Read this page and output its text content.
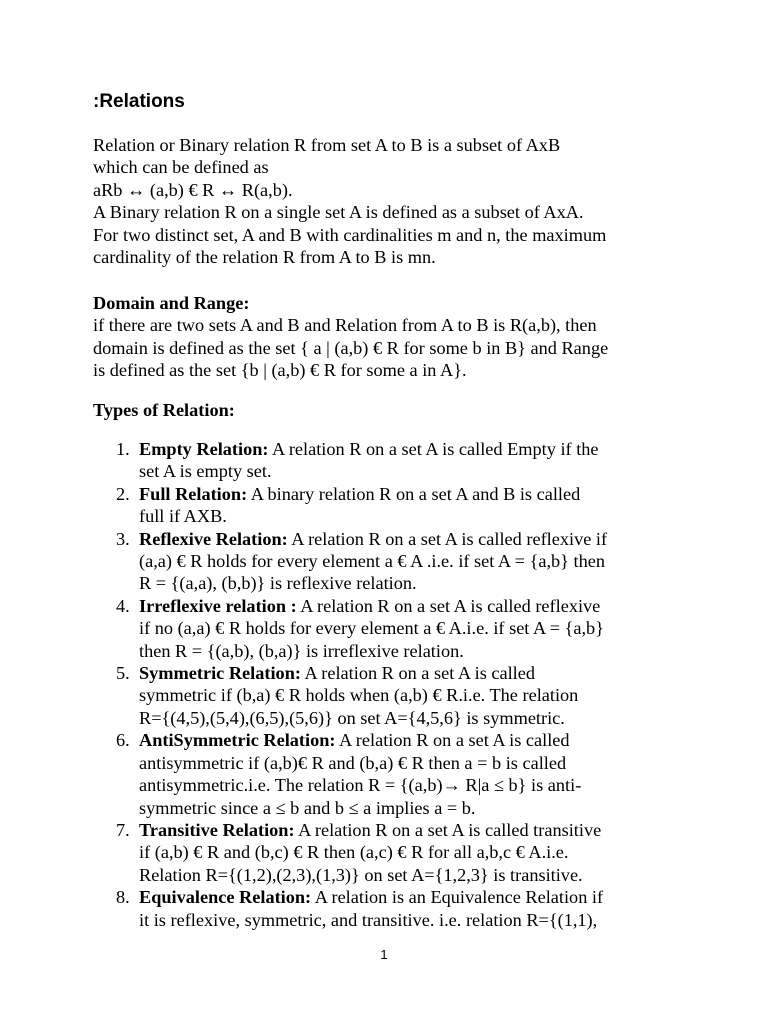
:Relations

Relation or Binary relation R from set A to B is a subset of AxB
which can be defined as
aRb ↔ (a,b) € R ↔ R(a,b).
A Binary relation R on a single set A is defined as a subset of AxA.
For two distinct set, A and B with cardinalities m and n, the maximum
cardinality of the relation R from A to B is mn.

Domain and Range:
if there are two sets A and B and Relation from A to B is R(a,b), then
domain is defined as the set { a | (a,b) € R for some b in B} and Range
is defined as the set {b | (a,b) € R for some a in A}.

Types of Relation:

1. Empty Relation: A relation R on a set A is called Empty if the
set A is empty set.
2. Full Relation: A binary relation R on a set A and B is called
full if AXB.
3. Reflexive Relation: A relation R on a set A is called reflexive if
(a,a) € R holds for every element a € A .i.e. if set A = {a,b} then
R = {(a,a), (b,b)} is reflexive relation.
4. Irreflexive relation : A relation R on a set A is called reflexive
if no (a,a) € R holds for every element a € A.i.e. if set A = {a,b}
then R = {(a,b), (b,a)} is irreflexive relation.
5. Symmetric Relation: A relation R on a set A is called
symmetric if (b,a) € R holds when (a,b) € R.i.e. The relation
R={(4,5),(5,4),(6,5),(5,6)} on set A={4,5,6} is symmetric.
6. AntiSymmetric Relation: A relation R on a set A is called
antisymmetric if (a,b)€ R and (b,a) € R then a = b is called
antisymmetric.i.e. The relation R = {(a,b)→ R|a ≤ b} is anti-
symmetric since a ≤ b and b ≤ a implies a = b.
7. Transitive Relation: A relation R on a set A is called transitive
if (a,b) € R and (b,c) € R then (a,c) € R for all a,b,c € A.i.e.
Relation R={(1,2),(2,3),(1,3)} on set A={1,2,3} is transitive.
8. Equivalence Relation: A relation is an Equivalence Relation if
it is reflexive, symmetric, and transitive. i.e. relation R={(1,1),
1
